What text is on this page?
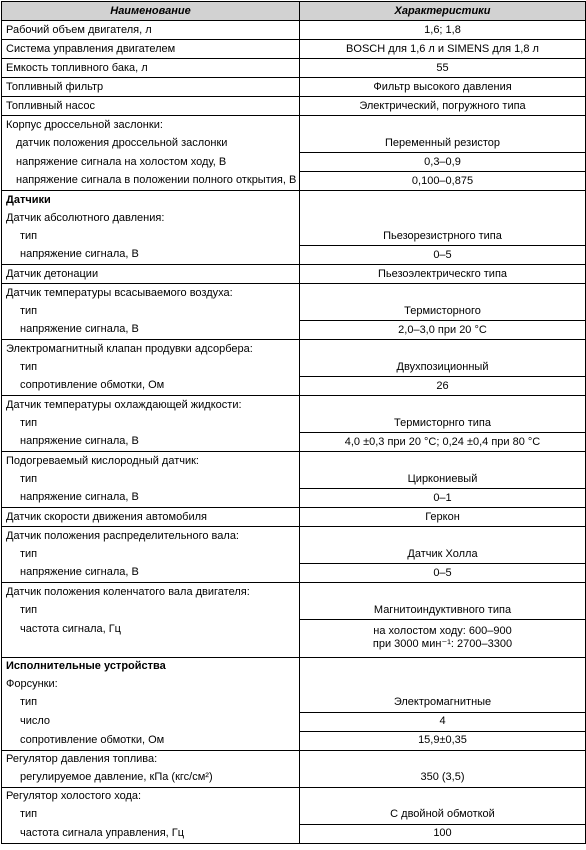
Наименование	Характеристики
Рабочий объем двигателя, л	1,6; 1,8
Система управления двигателем	BOSCH для 1,6 л и SIMENS для 1,8 л
Емкость топливного бака, л	55
Топливный фильтр	Фильтр высокого давления
Топливный насос	Электрический, погружного типа
Корпус дроссельной заслонки:	
датчик положения дроссельной заслонки	Переменный резистор
напряжение сигнала на холостом ходу, В	0,3–0,9
напряжение сигнала в положении полного открытия, В	0,100–0,875
Датчики	
Датчик абсолютного давления:	
тип	Пьезорезистрного типа
напряжение сигнала, В	0–5
Датчик детонации	Пьезоэлектрическго типа
Датчик температуры всасываемого воздуха:	
тип	Термисторного
напряжение сигнала, В	2,0–3,0 при 20 °С
Электромагнитный клапан продувки адсорбера:	
тип	Двухпозиционный
сопротивление обмотки, Ом	26
Датчик температуры охлаждающей жидкости:	
тип	Термисторнго типа
напряжение сигнала, В	4,0 ±0,3 при 20 °С; 0,24 ±0,4 при 80 °С
Подогреваемый кислородный датчик:	
тип	Циркониевый
напряжение сигнала, В	0–1
Датчик скорости движения автомобиля	Геркон
Датчик положения распределительного вала:	
тип	Датчик Холла
напряжение сигнала, В	0–5
Датчик положения коленчатого вала двигателя:	
тип	Магнитоиндуктивного типа
частота сигнала, Гц	на холостом ходу: 600–900
при 3000 мин⁻¹: 2700–3300

Исполнительные устройства	
Форсунки:	
тип	Электромагнитные
число	4
сопротивление обмотки, Ом	15,9±0,35
Регулятор давления топлива:	
регулируемое давление, кПа (кгс/см²)	350 (3,5)
Регулятор холостого хода:	
тип	С двойной обмоткой
частота сигнала управления, Гц	100
